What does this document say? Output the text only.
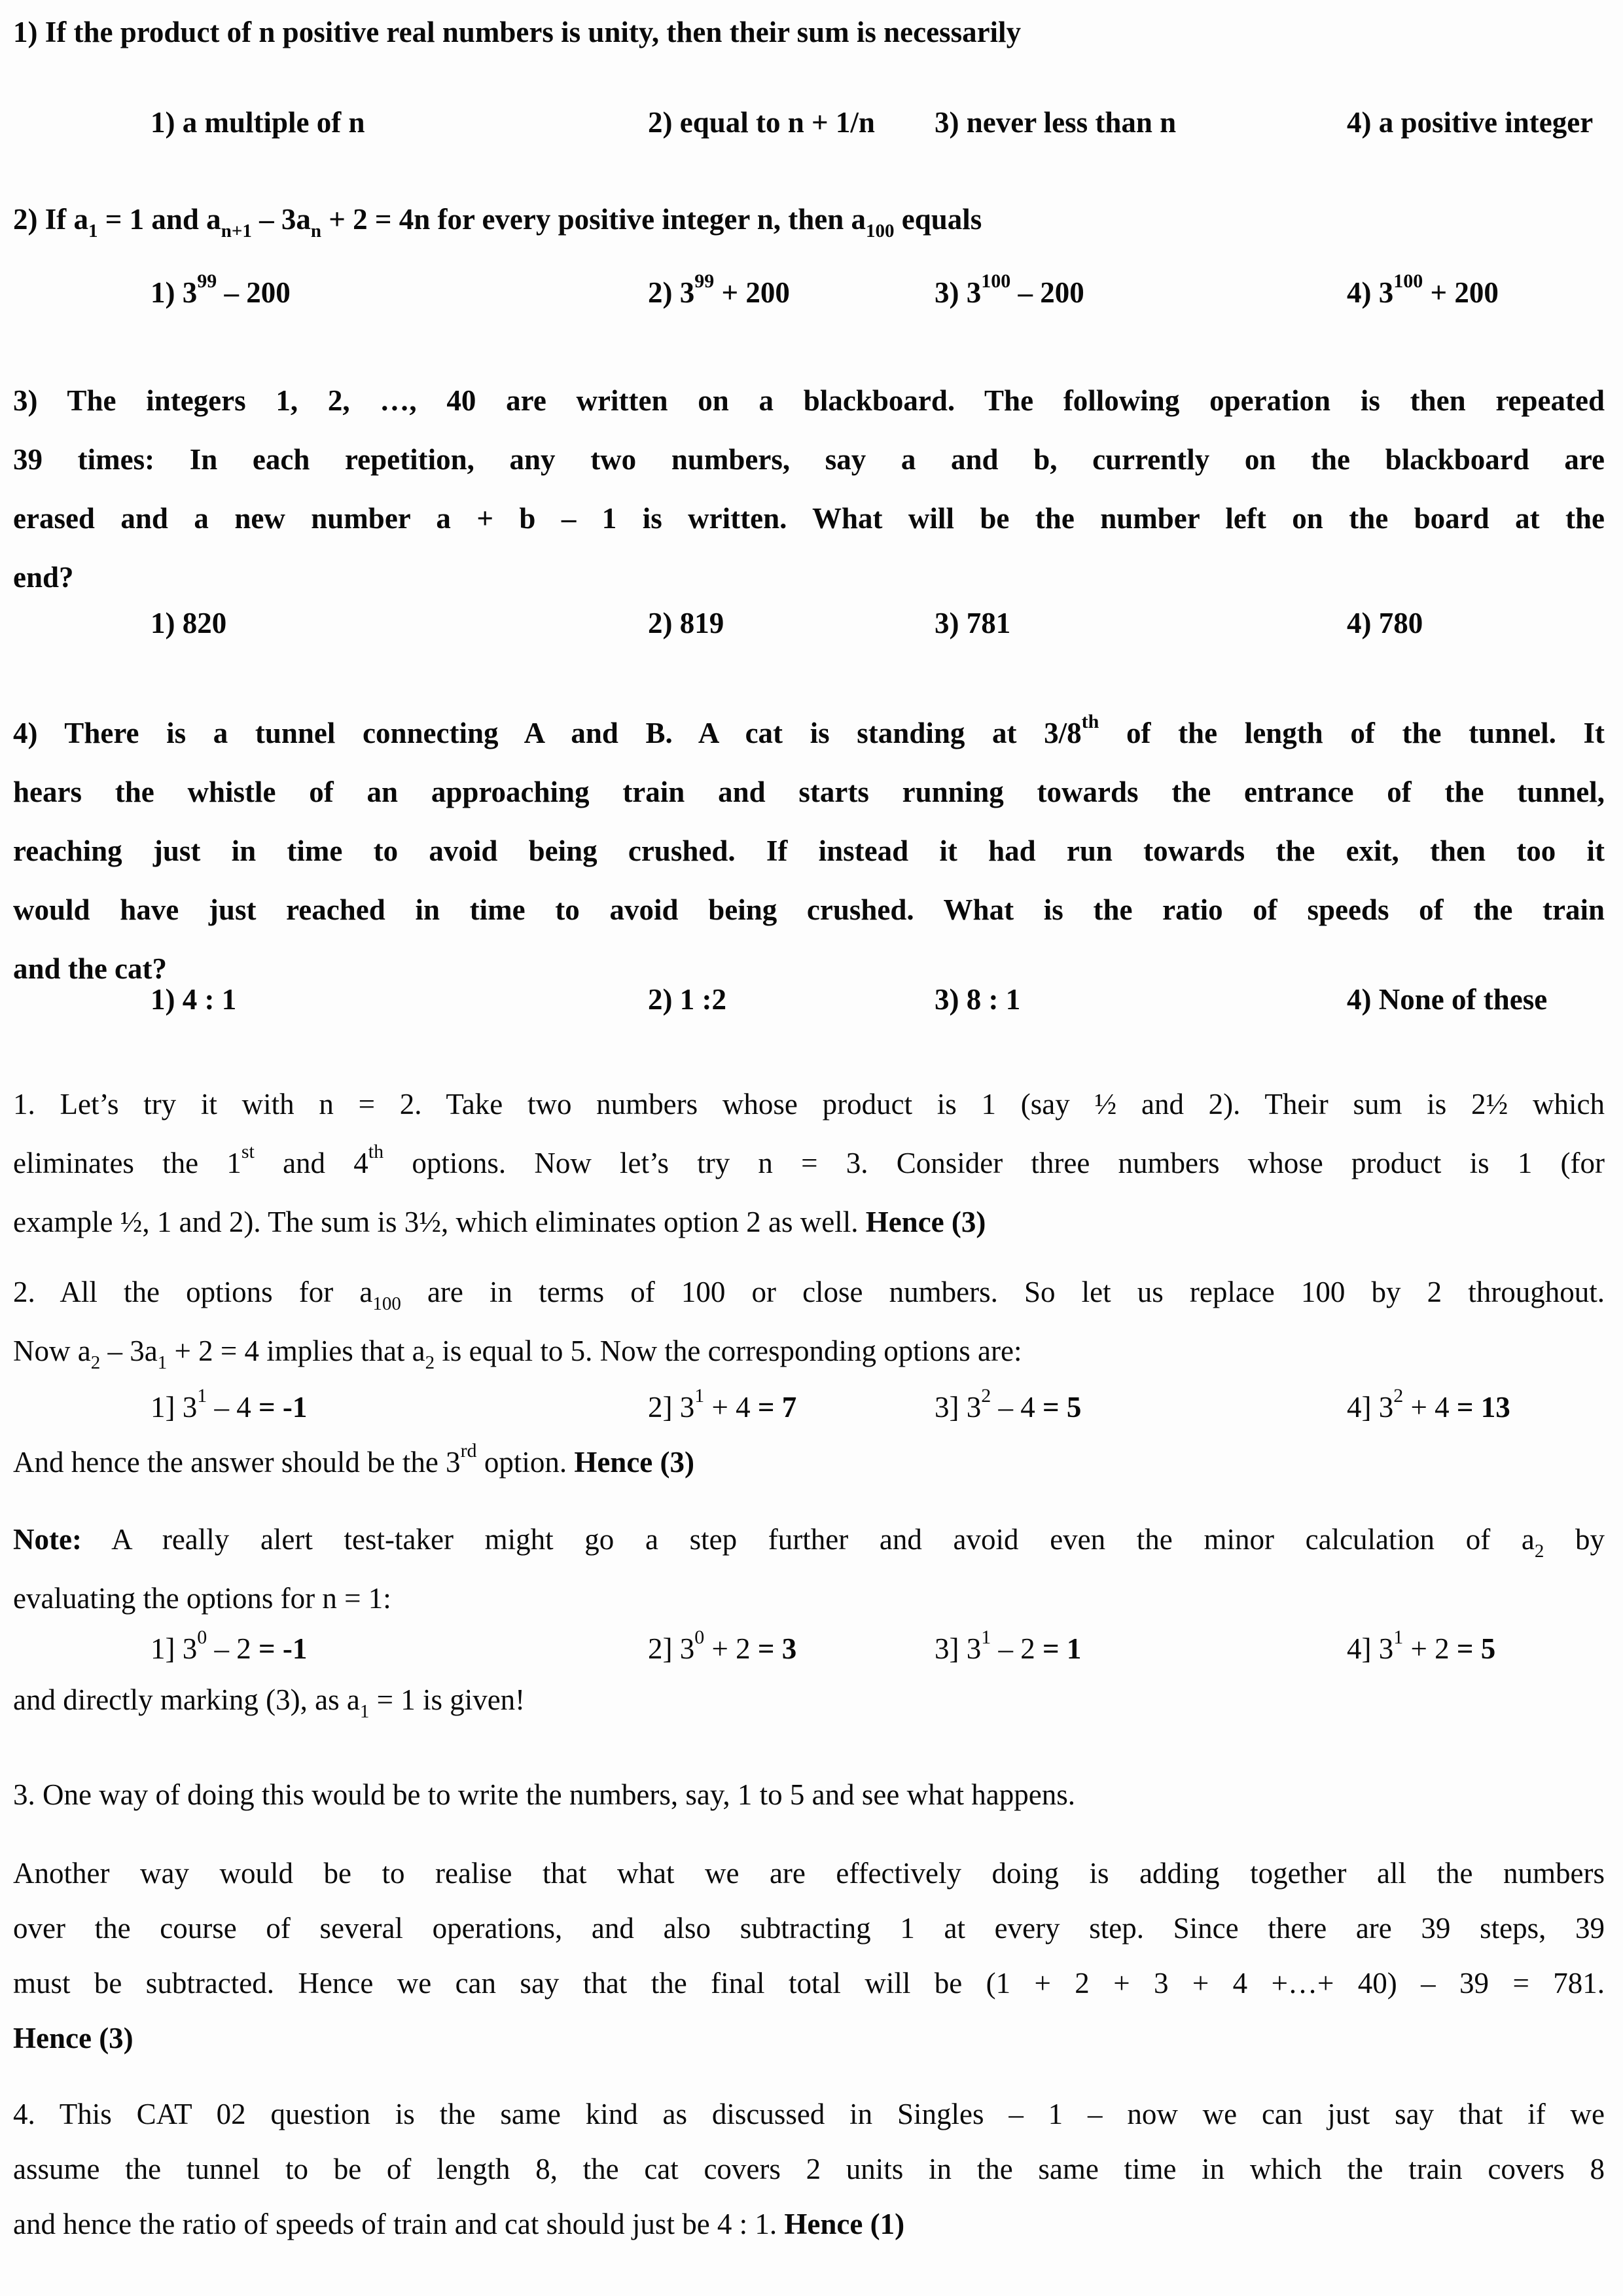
1) If the product of n positive real numbers is unity, then their sum is necessarily
1) a multiple of n	2) equal to n + 1/n 3) never less than n	4) a positive integer
2) If $a_1 = 1$ and $a_{n+1} - 3a_n + 2 = 4n$ for every positive integer n, then $a_{100}$ equals
1) $3^{99} - 200$	2) $3^{99} + 200$	3) $3^{100} - 200$	4) $3^{100} + 200$
3) The integers 1, 2, …, 40 are written on a blackboard. The following operation is then repeated
39 times: In each repetition, any two numbers, say a and b, currently on the blackboard are
erased and a new number a + b – 1 is written. What will be the number left on the board at the
end?
1) 820	2) 819	3) 781	4) 780
4) There is a tunnel connecting A and B. A cat is standing at 3/8th of the length of the tunnel. It
hears the whistle of an approaching train and starts running towards the entrance of the tunnel,
reaching just in time to avoid being crushed. If instead it had run towards the exit, then too it
would have just reached in time to avoid being crushed. What is the ratio of speeds of the train
and the cat?
1) 4 : 1	2) 1 :2	3) 8 : 1	4) None of these
1. Let’s try it with n = 2. Take two numbers whose product is 1 (say ½ and 2). Their sum is 2½ which
eliminates the 1st and 4th options. Now let’s try n = 3. Consider three numbers whose product is 1 (for
example ½, 1 and 2). The sum is 3½, which eliminates option 2 as well. Hence (3)
2. All the options for $a_{100}$ are in terms of 100 or close numbers. So let us replace 100 by 2 throughout.
Now $a_2 - 3a_1 + 2 = 4$ implies that $a_2$ is equal to 5. Now the corresponding options are:
1] $3^1 - 4 = -1$	2] $3^1 + 4 = 7$	3] $3^2 - 4 = 5$	4] $3^2 + 4 = 13$
And hence the answer should be the 3rd option. Hence (3)
Note: A really alert test-taker might go a step further and avoid even the minor calculation of $a_2$ by
evaluating the options for n = 1:
1] $3^0 - 2 = -1$	2] $3^0 + 2 = 3$	3] $3^1 - 2 = 1$	4] $3^1 + 2 = 5$
and directly marking (3), as $a_1 = 1$ is given!
3. One way of doing this would be to write the numbers, say, 1 to 5 and see what happens.
Another way would be to realise that what we are effectively doing is adding together all the numbers
over the course of several operations, and also subtracting 1 at every step. Since there are 39 steps, 39
must be subtracted. Hence we can say that the final total will be (1 + 2 + 3 + 4 +…+ 40) – 39 = 781.
Hence (3)
4. This CAT 02 question is the same kind as discussed in Singles – 1 – now we can just say that if we
assume the tunnel to be of length 8, the cat covers 2 units in the same time in which the train covers 8
and hence the ratio of speeds of train and cat should just be 4 : 1. Hence (1)
